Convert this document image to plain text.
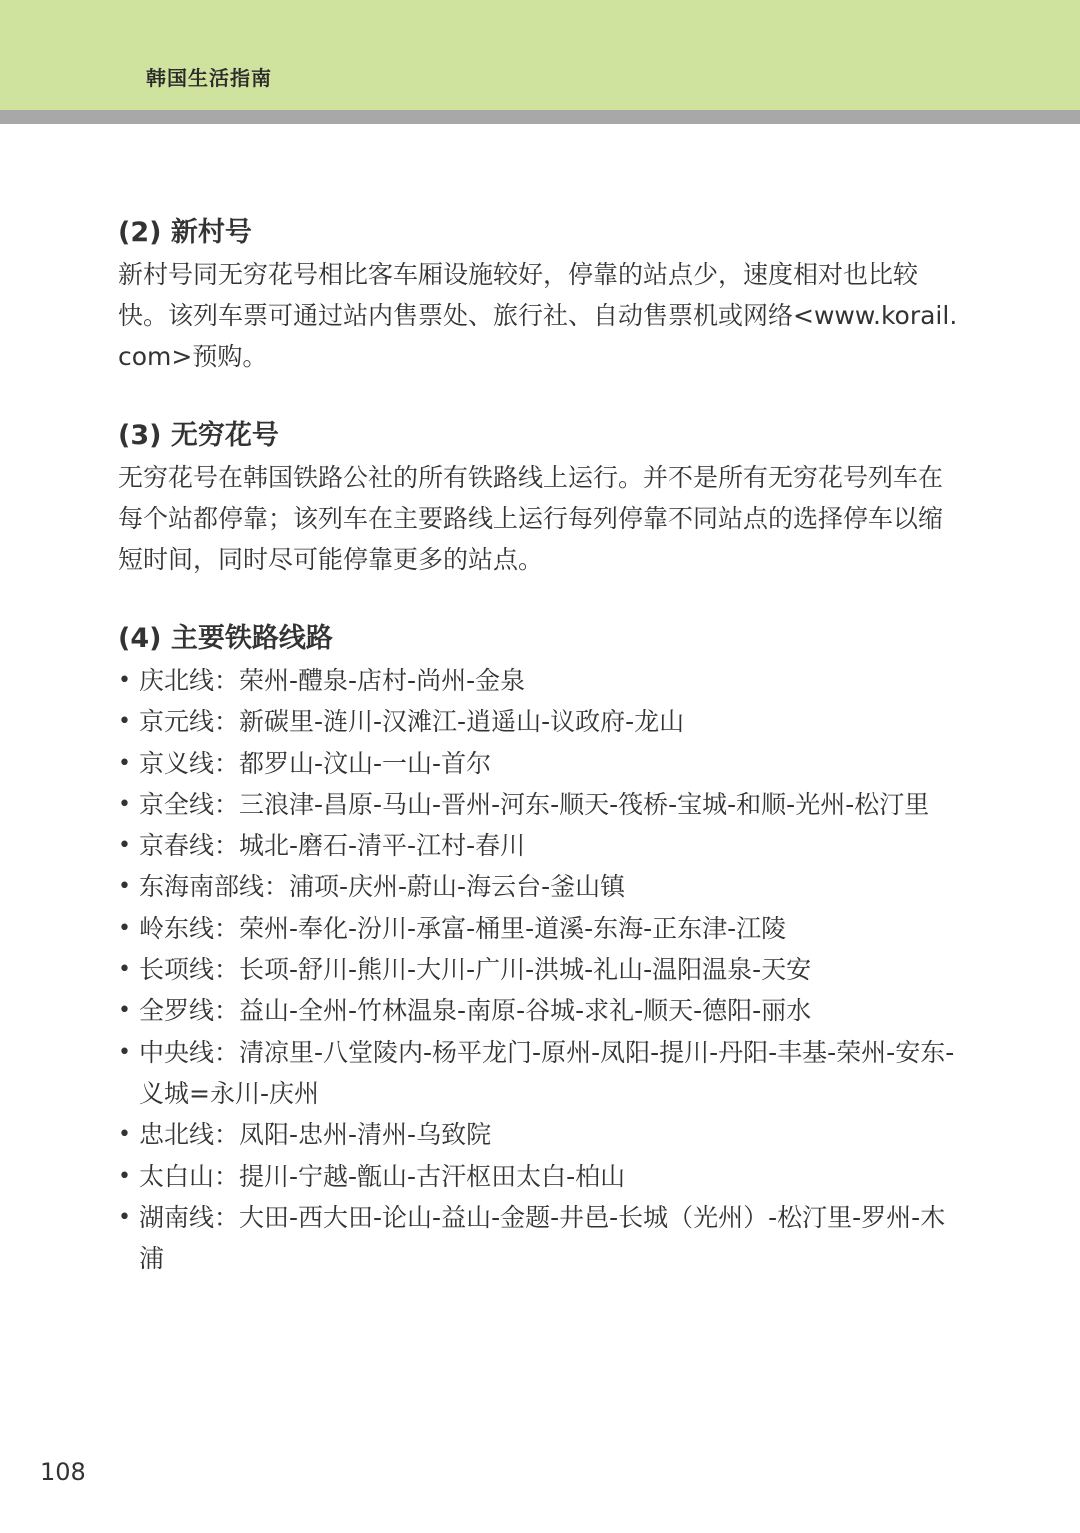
韩国生活指南
(2) 新村号

新村号同无穷花号相比客车厢设施较好，停靠的站点少，速度相对也比较快。该列车票可通过站内售票处、旅行社、自动售票机或网络<www.korail.com>预购。

(3) 无穷花号

无穷花号在韩国铁路公社的所有铁路线上运行。并不是所有无穷花号列车在每个站都停靠；该列车在主要路线上运行每列停靠不同站点的选择停车以缩短时间，同时尽可能停靠更多的站点。

(4) 主要铁路线路
• 庆北线：荣州-醴泉-店村-尚州-金泉
• 京元线：新碳里-涟川-汉滩江-逍遥山-议政府-龙山
• 京义线：都罗山-汶山-一山-首尔
• 京全线：三浪津-昌原-马山-晋州-河东-顺天-筏桥-宝城-和顺-光州-松汀里
• 京春线：城北-磨石-清平-江村-春川
• 东海南部线：浦项-庆州-蔚山-海云台-釜山镇
• 岭东线：荣州-奉化-汾川-承富-桶里-道溪-东海-正东津-江陵
• 长项线：长项-舒川-熊川-大川-广川-洪城-礼山-温阳温泉-天安
• 全罗线：益山-全州-竹林温泉-南原-谷城-求礼-顺天-德阳-丽水
• 中央线：清凉里-八堂陵内-杨平龙门-原州-凤阳-提川-丹阳-丰基-荣州-安东-义城=永川-庆州
• 忠北线：凤阳-忠州-清州-乌致院
• 太白山：提川-宁越-甑山-古汗枢田太白-柏山
• 湖南线：大田-西大田-论山-益山-金题-井邑-长城（光州）-松汀里-罗州-木浦
108
